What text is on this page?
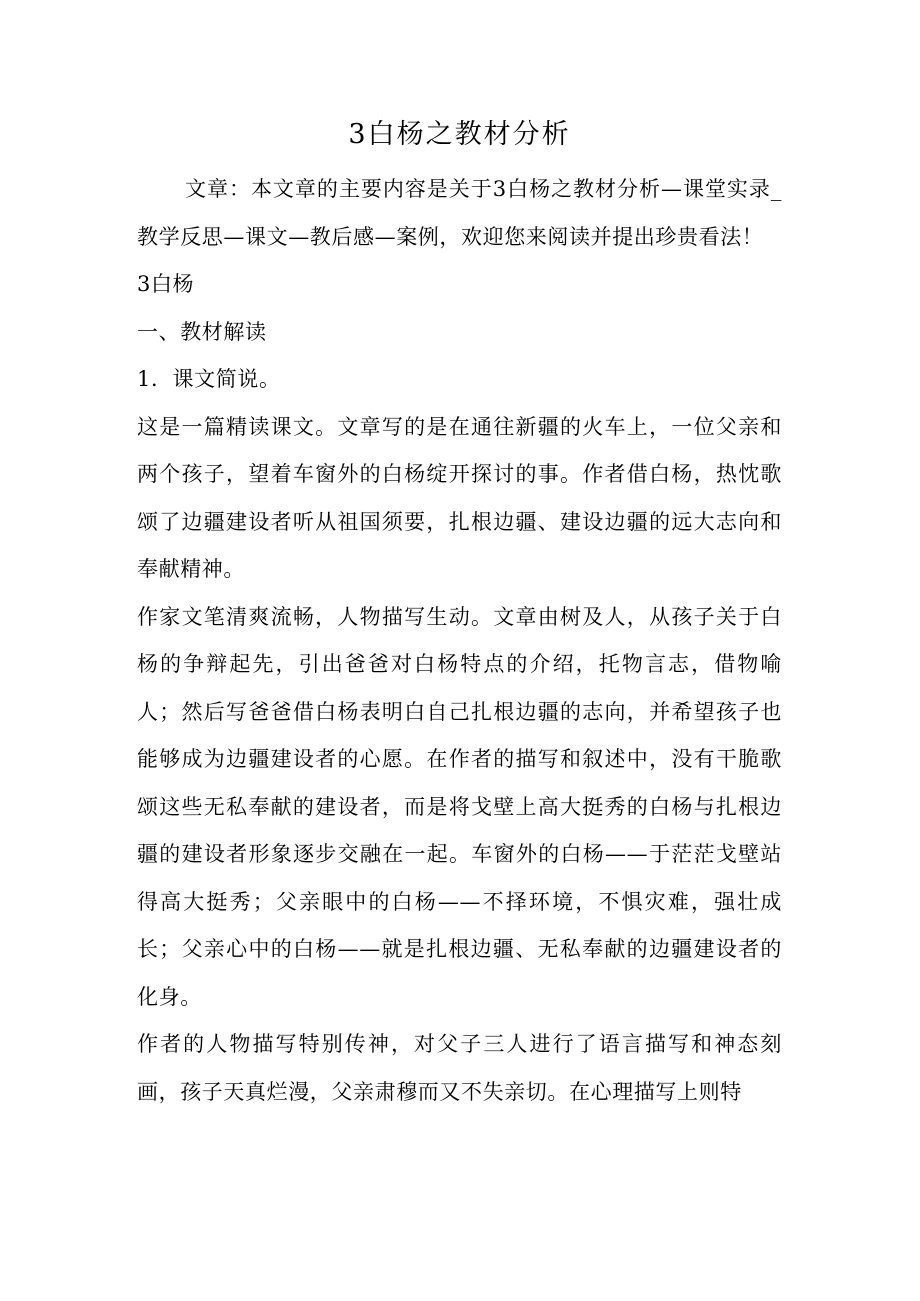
3白杨之教材分析

文章：本文章的主要内容是关于3白杨之教材分析—课堂实录_教学反思—课文—教后感—案例，欢迎您来阅读并提出珍贵看法！

3白杨

一、教材解读

1．课文简说。

这是一篇精读课文。文章写的是在通往新疆的火车上，一位父亲和两个孩子，望着车窗外的白杨绽开探讨的事。作者借白杨，热忱歌颂了边疆建设者听从祖国须要，扎根边疆、建设边疆的远大志向和奉献精神。

作家文笔清爽流畅，人物描写生动。文章由树及人，从孩子关于白杨的争辩起先，引出爸爸对白杨特点的介绍，托物言志，借物喻人；然后写爸爸借白杨表明白自己扎根边疆的志向，并希望孩子也能够成为边疆建设者的心愿。在作者的描写和叙述中，没有干脆歌颂这些无私奉献的建设者，而是将戈壁上高大挺秀的白杨与扎根边疆的建设者形象逐步交融在一起。车窗外的白杨——于茫茫戈壁站得高大挺秀；父亲眼中的白杨——不择环境，不惧灾难，强壮成长；父亲心中的白杨——就是扎根边疆、无私奉献的边疆建设者的化身。

作者的人物描写特别传神，对父子三人进行了语言描写和神态刻画，孩子天真烂漫，父亲肃穆而又不失亲切。在心理描写上则特
